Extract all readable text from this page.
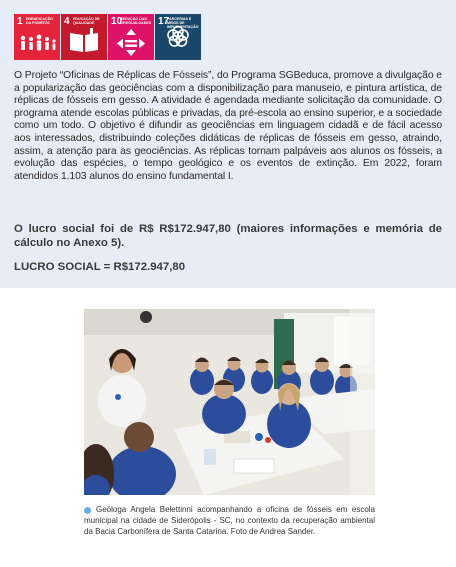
1 ERRADICAÇÃO DA POBREZA	4 EDUCAÇÃO DE QUALIDADE	10
REDUÇÃO DAS DESIGUALDADES 17
PARCERIAS E MEIOS DE IMPLEMENTAÇÃO

O Projeto “Oficinas de Réplicas de Fósseis”, do Programa SGBeduca, promove a divulgação e a popularização das geociências com a disponibilização para manuseio, e pintura artística, de réplicas de fósseis em gesso. A atividade é agendada mediante solicitação da comunidade. O programa atende escolas públicas e privadas, da pré-escola ao ensino superior, e a sociedade como um todo. O objetivo é difundir as geociências em linguagem cidadã e de fácil acesso aos interessados, distribuindo coleções didáticas de réplicas de fósseis em gesso, atraindo, assim, a atenção para as geociências. As réplicas tornam palpáveis aos alunos os fósseis, a evolução das espécies, o tempo geológico e os eventos de extinção. Em 2022, foram atendidos 1.103 alunos do ensino fundamental I.

O lucro social foi de R$ R$172.947,80 (maiores informações e memória de cálculo no Anexo 5).

LUCRO SOCIAL = R$172.947,80

Geóloga Angela Belettinni acompanhando a oficina de fósseis em escola municipal na cidade de Siderópolis - SC, no contexto da recuperação ambiental da Bacia Carbonífera de Santa Catarina. Foto de Andrea Sander.
